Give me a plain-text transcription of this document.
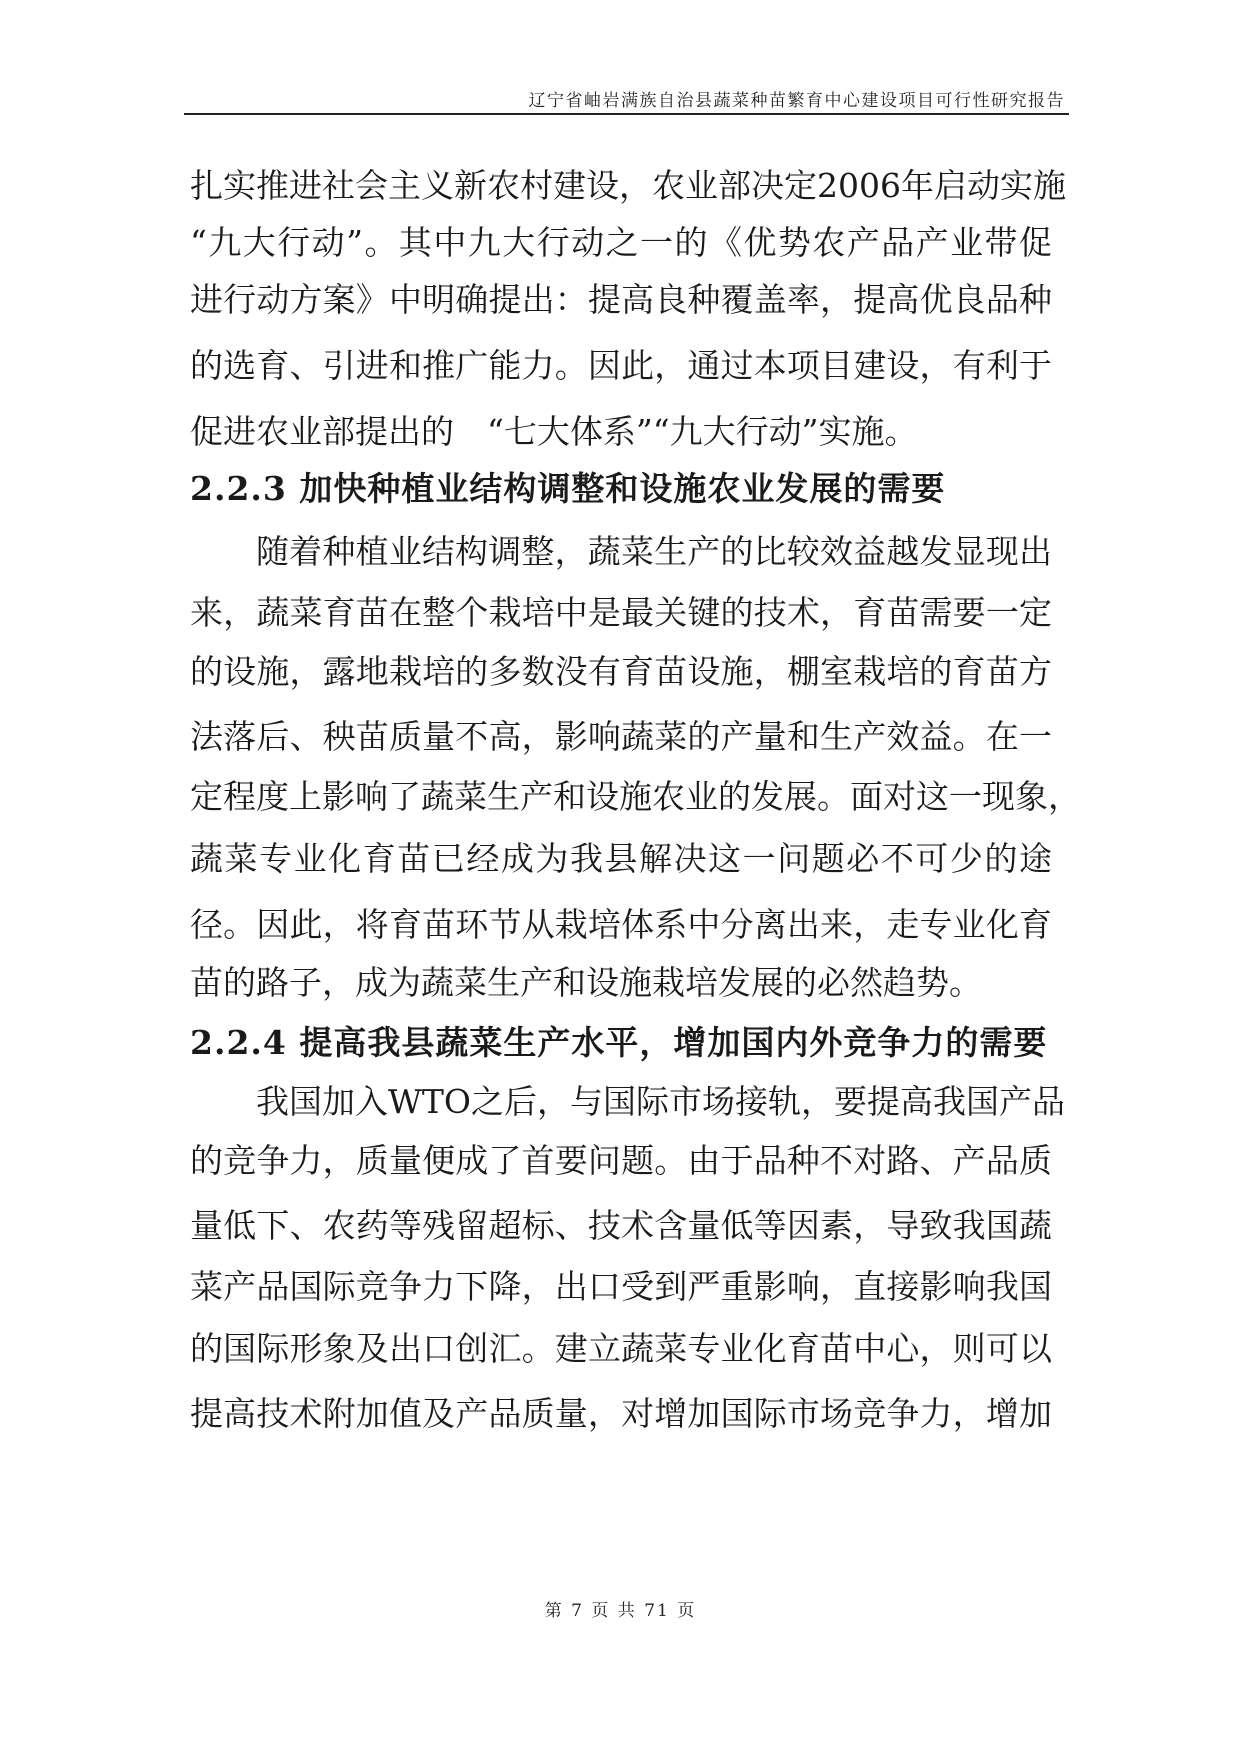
辽宁省岫岩满族自治县蔬菜种苗繁育中心建设项目可行性研究报告
扎实推进社会主义新农村建设，农业部决定2006年启动实施
“九大行动”。其中九大行动之一的《优势农产品产业带促
进行动方案》中明确提出：提高良种覆盖率，提高优良品种
的选育、引进和推广能力。因此，通过本项目建设，有利于
促进农业部提出的　“七大体系”“九大行动”实施。
2.2.3 加快种植业结构调整和设施农业发展的需要
随着种植业结构调整，蔬菜生产的比较效益越发显现出
来，蔬菜育苗在整个栽培中是最关键的技术，育苗需要一定
的设施，露地栽培的多数没有育苗设施，棚室栽培的育苗方
法落后、秧苗质量不高，影响蔬菜的产量和生产效益。在一
定程度上影响了蔬菜生产和设施农业的发展。面对这一现象，
蔬菜专业化育苗已经成为我县解决这一问题必不可少的途
径。因此，将育苗环节从栽培体系中分离出来，走专业化育
苗的路子，成为蔬菜生产和设施栽培发展的必然趋势。
2.2.4 提高我县蔬菜生产水平，增加国内外竞争力的需要
我国加入WTO之后，与国际市场接轨，要提高我国产品
的竞争力，质量便成了首要问题。由于品种不对路、产品质
量低下、农药等残留超标、技术含量低等因素，导致我国蔬
菜产品国际竞争力下降，出口受到严重影响，直接影响我国
的国际形象及出口创汇。建立蔬菜专业化育苗中心，则可以
提高技术附加值及产品质量，对增加国际市场竞争力，增加
第 7 页 共 71 页
